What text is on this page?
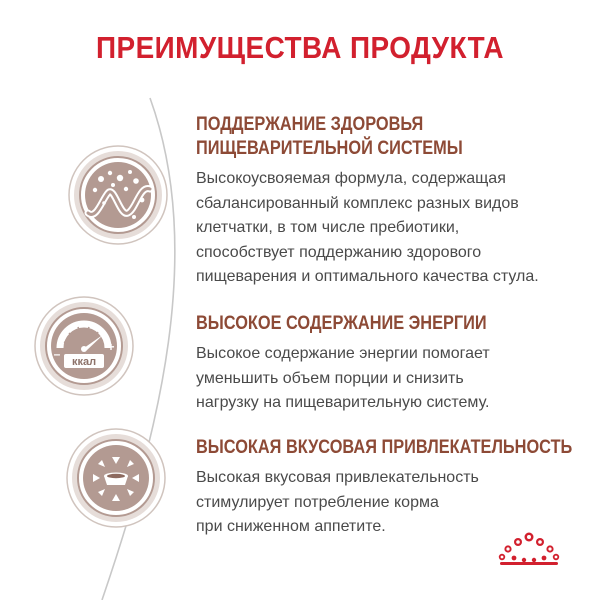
ПРЕИМУЩЕСТВА ПРОДУКТА
ккал
–	+
ПОДДЕРЖАНИЕ ЗДОРОВЬЯ
ПИЩЕВАРИТЕЛЬНОЙ СИСТЕМЫ
Высокоусвояемая формула, содержащая
сбалансированный комплекс разных видов
клетчатки, в том числе пребиотики,
способствует поддержанию здорового
пищеварения и оптимального качества стула.
ВЫСОКОЕ СОДЕРЖАНИЕ ЭНЕРГИИ
Высокое содержание энергии помогает
уменьшить объем порции и снизить
нагрузку на пищеварительную систему.
ВЫСОКАЯ ВКУСОВАЯ ПРИВЛЕКАТЕЛЬНОСТЬ
Высокая вкусовая привлекательность
стимулирует потребление корма
при сниженном аппетите.
